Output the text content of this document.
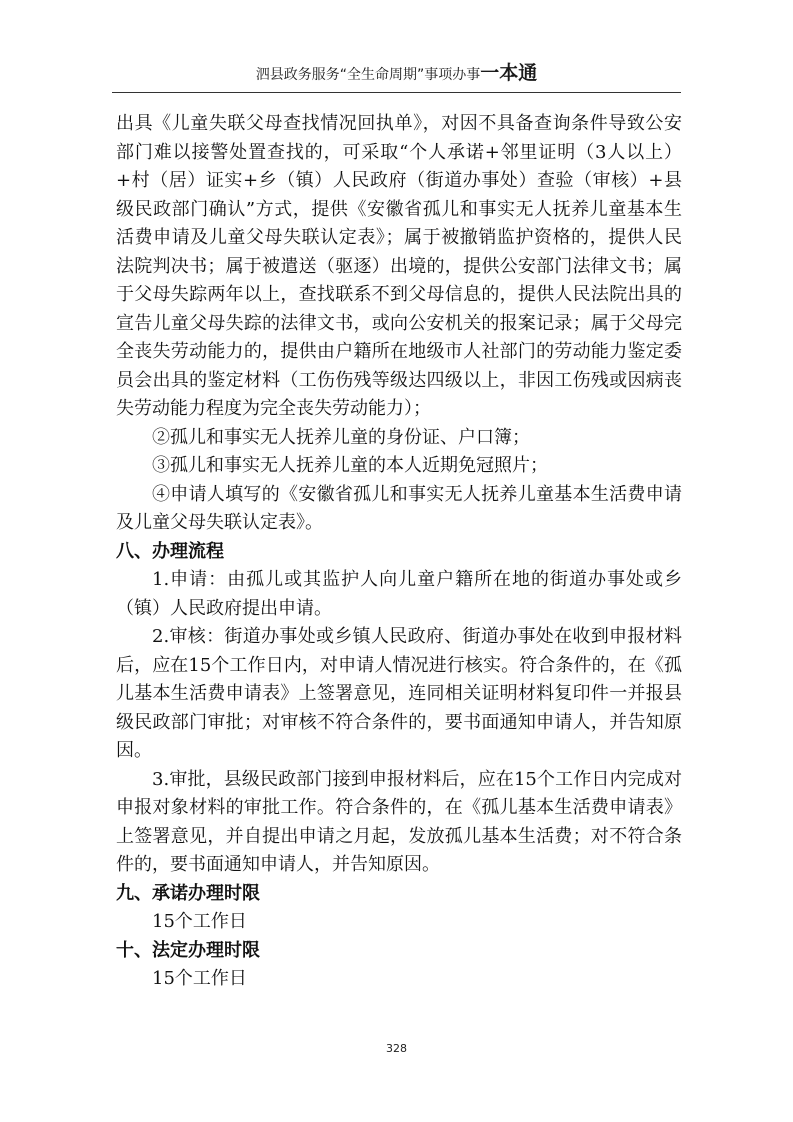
泗县政务服务“全生命周期”事项办事一本通

出具《儿童失联父母查找情况回执单》，对因不具备查询条件导致公安部门难以接警处置查找的，可采取“个人承诺+邻里证明（3人以上）+村（居）证实+乡（镇）人民政府（街道办事处）查验（审核）+县级民政部门确认”方式，提供《安徽省孤儿和事实无人抚养儿童基本生活费申请及儿童父母失联认定表》；属于被撤销监护资格的，提供人民法院判决书；属于被遣送（驱逐）出境的，提供公安部门法律文书；属于父母失踪两年以上，查找联系不到父母信息的，提供人民法院出具的宣告儿童父母失踪的法律文书，或向公安机关的报案记录；属于父母完全丧失劳动能力的，提供由户籍所在地级市人社部门的劳动能力鉴定委员会出具的鉴定材料（工伤伤残等级达四级以上，非因工伤残或因病丧失劳动能力程度为完全丧失劳动能力）；

②孤儿和事实无人抚养儿童的身份证、户口簿；

③孤儿和事实无人抚养儿童的本人近期免冠照片；

④申请人填写的《安徽省孤儿和事实无人抚养儿童基本生活费申请及儿童父母失联认定表》。

八、办理流程

1.申请：由孤儿或其监护人向儿童户籍所在地的街道办事处或乡（镇）人民政府提出申请。

2.审核：街道办事处或乡镇人民政府、街道办事处在收到申报材料后，应在15个工作日内，对申请人情况进行核实。符合条件的，在《孤儿基本生活费申请表》上签署意见，连同相关证明材料复印件一并报县级民政部门审批；对审核不符合条件的，要书面通知申请人，并告知原因。

3.审批，县级民政部门接到申报材料后，应在15个工作日内完成对申报对象材料的审批工作。符合条件的，在《孤儿基本生活费申请表》上签署意见，并自提出申请之月起，发放孤儿基本生活费；对不符合条件的，要书面通知申请人，并告知原因。

九、承诺办理时限

15个工作日

十、法定办理时限

15个工作日

328
